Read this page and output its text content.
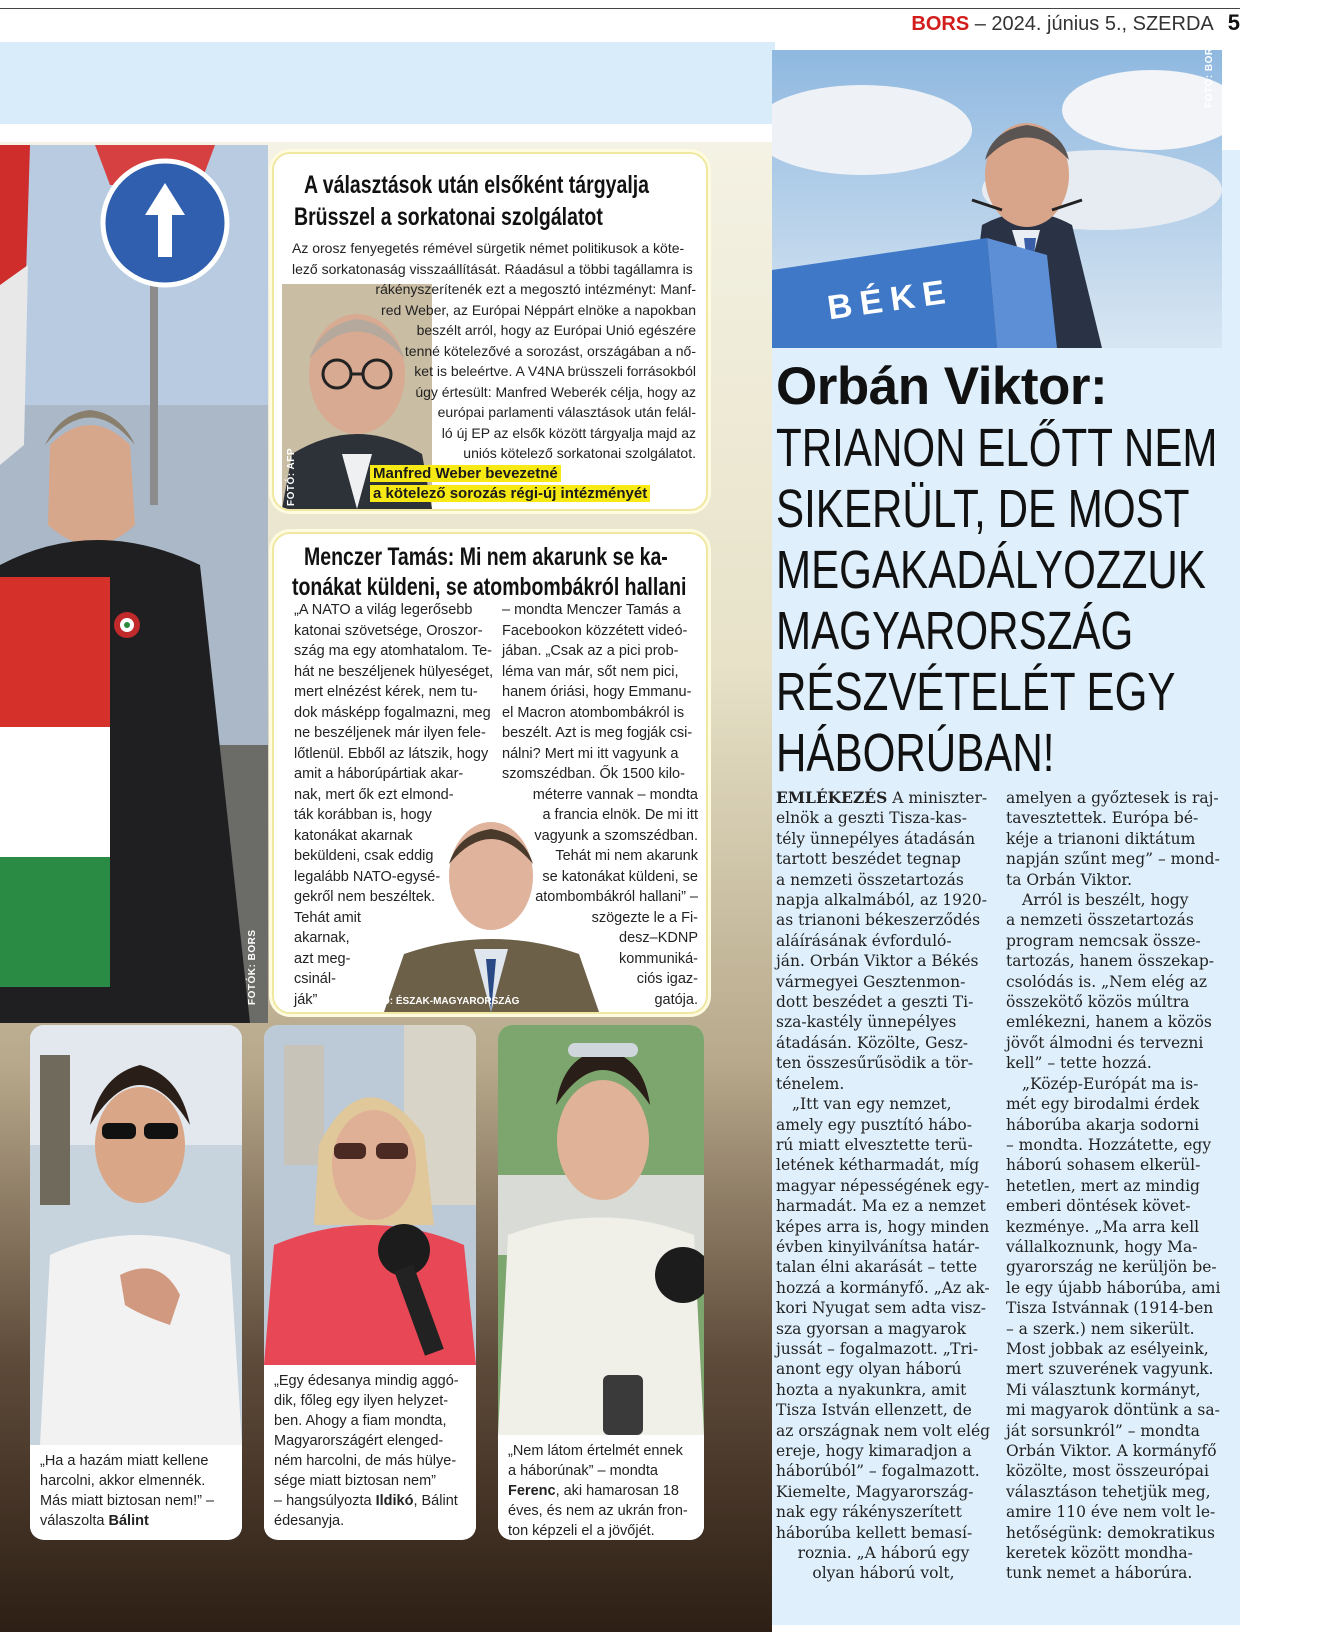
BORS – 2024. június 5., SZERDA 5
BÉKE
FOTÓ: BORS
FOTÓK: BORS
A választások után elsőként tárgyalja
Brüsszel a sorkatonai szolgálatot
FOTÓ: AFP
Az orosz fenyegetés rémével sürgetik német politikusok a köte-
lező sorkatonaság visszaállítását. Ráadásul a többi tagállamra is
rákényszerítenék ezt a megosztó intézményt: Manf-
red Weber, az Európai Néppárt elnöke a napokban
beszélt arról, hogy az Európai Unió egészére
tenné kötelezővé a sorozást, országában a nő-
ket is beleértve. A V4NA brüsszeli forrásokból
úgy értesült: Manfred Weberék célja, hogy az
európai parlamenti választások után felál-
ló új EP az elsők között tárgyalja majd az
uniós kötelező sorkatonai szolgálatot.
Manfred Weber bevezetné
a kötelező sorozás régi-új intézményét
Menczer Tamás: Mi nem akarunk se ka-
tonákat küldeni, se atombombákról hallani
„A NATO a világ legerősebb
katonai szövetsége, Oroszor-
szág ma egy atomhatalom. Te-
hát ne beszéljenek hülyeséget,
mert elnézést kérek, nem tu-
dok másképp fogalmazni, meg
ne beszéljenek már ilyen fele-
lőtlenül. Ebből az látszik, hogy
amit a háborúpártiak akar-
nak, mert ők ezt elmond-
ták korábban is, hogy
katonákat akarnak
beküldeni, csak eddig
legalább NATO-egysé-
gekről nem beszéltek.
Tehát amit
akarnak,
azt meg-
csinál-
ják”
– mondta Menczer Tamás a
Facebookon közzétett videó-
jában. „Csak az a pici prob-
léma van már, sőt nem pici,
hanem óriási, hogy Emmanu-
el Macron atombombákról is
beszélt. Azt is meg fogják csi-
nálni? Mert mi itt vagyunk a
szomszédban. Ők 1500 kilo-
méterre vannak – mondta
a francia elnök. De mi itt
vagyunk a szomszédban.
Tehát mi nem akarunk
se katonákat küldeni, se
atombombákról hallani” –
szögezte le a Fi-
desz–KDNP
kommuniká-
ciós igaz-
gatója.
FOTÓ: ÉSZAK-MAGYARORSZÁG
„Ha a hazám miatt kellene
harcolni, akkor elmennék.
Más miatt biztosan nem!” –
válaszolta Bálint
„Egy édesanya mindig aggó-
dik, főleg egy ilyen helyzet-
ben. Ahogy a fiam mondta,
Magyarországért elenged-
ném harcolni, de más hülye-
sége miatt biztosan nem”
– hangsúlyozta Ildikó, Bálint
édesanyja.
„Nem látom értelmét ennek
a háborúnak” – mondta
Ferenc, aki hamarosan 18
éves, és nem az ukrán fron-
ton képzeli el a jövőjét.
Orbán Viktor:
TRIANON ELŐTT NEM
SIKERÜLT, DE MOST
MEGAKADÁLYOZZUK
MAGYARORSZÁG
RÉSZVÉTELÉT EGY
HÁBORÚBAN!
EMLÉKEZÉS A miniszter-
elnök a geszti Tisza-kas-
tély ünnepélyes átadásán
tartott beszédet tegnap
a nemzeti összetartozás
napja alkalmából, az 1920-
as trianoni békeszerződés
aláírásának évforduló-
ján. Orbán Viktor a Békés
vármegyei Gesztenmon-
dott beszédet a geszti Ti-
sza-kastély ünnepélyes
átadásán. Közölte, Gesz-
ten összesűrűsödik a tör-
ténelem.
„Itt van egy nemzet,
amely egy pusztító hábo-
rú miatt elvesztette terü-
letének kétharmadát, míg
magyar népességének egy-
harmadát. Ma ez a nemzet
képes arra is, hogy minden
évben kinyilvánítsa határ-
talan élni akarását – tette
hozzá a kormányfő. „Az ak-
kori Nyugat sem adta visz-
sza gyorsan a magyarok
jussát – fogalmazott. „Tri-
anont egy olyan háború
hozta a nyakunkra, amit
Tisza István ellenzett, de
az országnak nem volt elég
ereje, hogy kimaradjon a
háborúból” – fogalmazott.
Kiemelte, Magyarország-
nak egy rákényszerített
háborúba kellett bemasí-
roznia. „A háború egy
olyan háború volt,
amelyen a győztesek is raj-
tavesztettek. Európa bé-
kéje a trianoni diktátum
napján szűnt meg” – mond-
ta Orbán Viktor.
Arról is beszélt, hogy
a nemzeti összetartozás
program nemcsak össze-
tartozás, hanem összekap-
csolódás is. „Nem elég az
összekötő közös múltra
emlékezni, hanem a közös
jövőt álmodni és tervezni
kell” – tette hozzá.
„Közép-Európát ma is-
mét egy birodalmi érdek
háborúba akarja sodorni
– mondta. Hozzátette, egy
háború sohasem elkerül-
hetetlen, mert az mindig
emberi döntések követ-
kezménye. „Ma arra kell
vállalkoznunk, hogy Ma-
gyarország ne kerüljön be-
le egy újabb háborúba, ami
Tisza Istvánnak (1914-ben
– a szerk.) nem sikerült.
Most jobbak az esélyeink,
mert szuverének vagyunk.
Mi választunk kormányt,
mi magyarok döntünk a sa-
ját sorsunkról” – mondta
Orbán Viktor. A kormányfő
közölte, most összeurópai
választáson tehetjük meg,
amire 110 éve nem volt le-
hetőségünk: demokratikus
keretek között mondha-
tunk nemet a háborúra.
